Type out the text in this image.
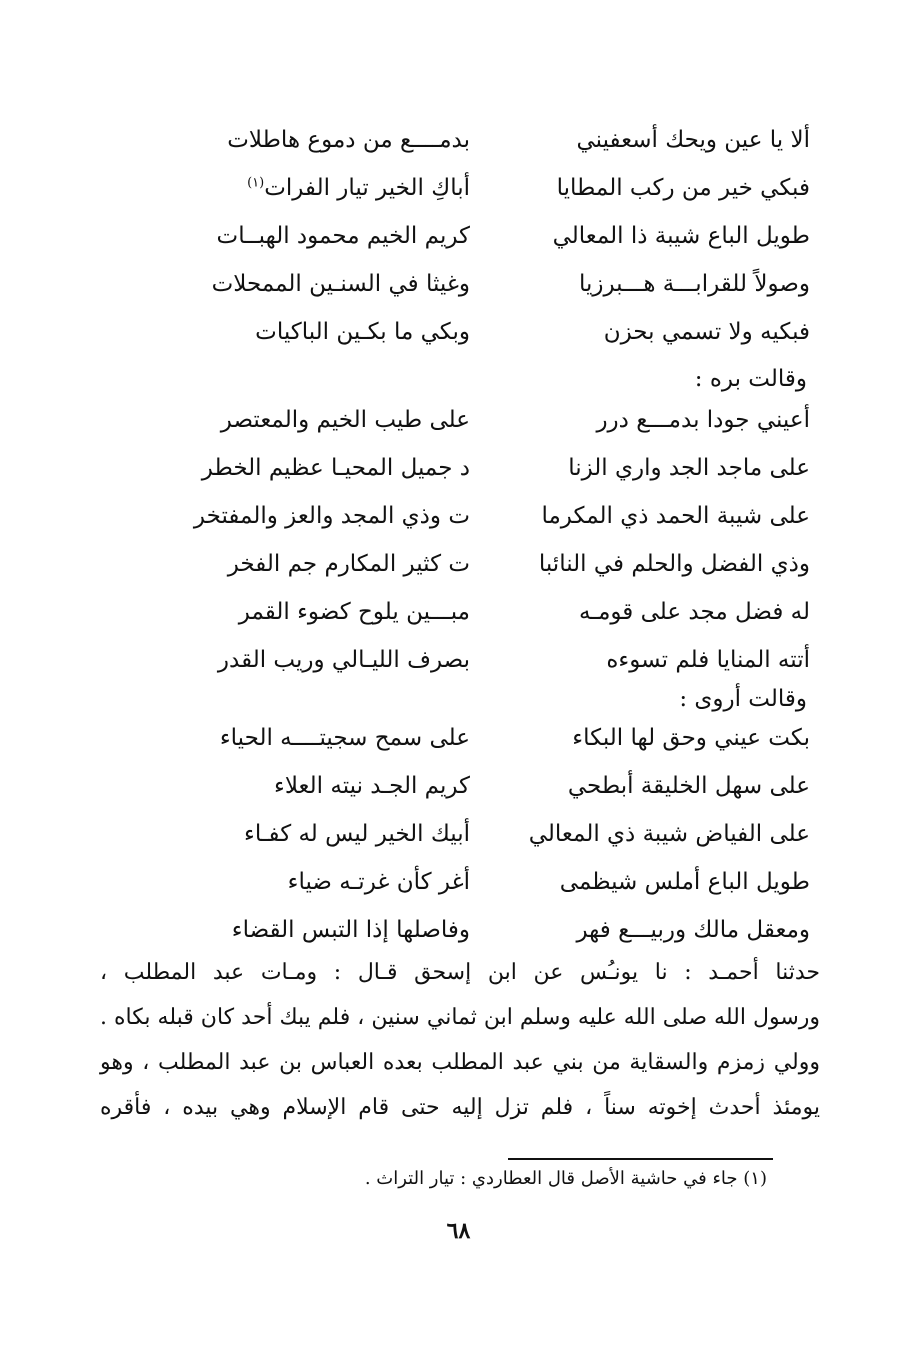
ألا يا عين ويحك أسعفيني
بدمــــع من دموع هاطلات
فبكي خير من ركب المطايا
أباكِ الخير تيار الفرات$^{(١)}$
طويل الباع شيبة ذا المعالي
كريم الخيم محمود الهبــات
وصولاً للقرابـــة هـــبرزيا
وغيثا في السنـين الممحلات
فبكيه ولا تسمي بحزن
وبكي ما بكـين الباكيات
وقالت بره :
أعيني جودا بدمـــع درر
على طيب الخيم والمعتصر
على ماجد الجد واري الزنا
د جميل المحيـا عظيم الخطر
على شيبة الحمد ذي المكرما
ت وذي المجد والعز والمفتخر
وذي الفضل والحلم في النائبا
ت كثير المكارم جم الفخر
له فضل مجد على قومـه
مبـــين يلوح كضوء القمر
أتته المنايا فلم تسوءه
بصرف الليـالي وريب القدر
وقالت أروى :
بكت عيني وحق لها البكاء
على سمح سجيتــــه الحياء
على سهل الخليقة أبطحي
كريم الجـد نيته العلاء
على الفياض شيبة ذي المعالي
أبيك الخير ليس له كفـاء
طويل الباع أملس شيظمى
أغر كأن غرتـه ضياء
ومعقل مالك وربيـــع فهر
وفاصلها إذا التبس القضاء

حدثنا أحمـد : نا يونـُس عن ابن إسحق قـال : ومـات عبد المطلب ،

ورسول الله صلى الله عليه وسلم ابن ثماني سنين ، فلم يبك أحد كان قبله بكاه .

وولي زمزم والسقاية من بني عبد المطلب بعده العباس بن عبد المطلب ، وهو

يومئذ أحدث إخوته سناً ، فلم تزل إليه حتى قام الإسلام وهي بيده ، فأقره

(١) جاء في حاشية الأصل قال العطاردي : تيار التراث .
٦٨
